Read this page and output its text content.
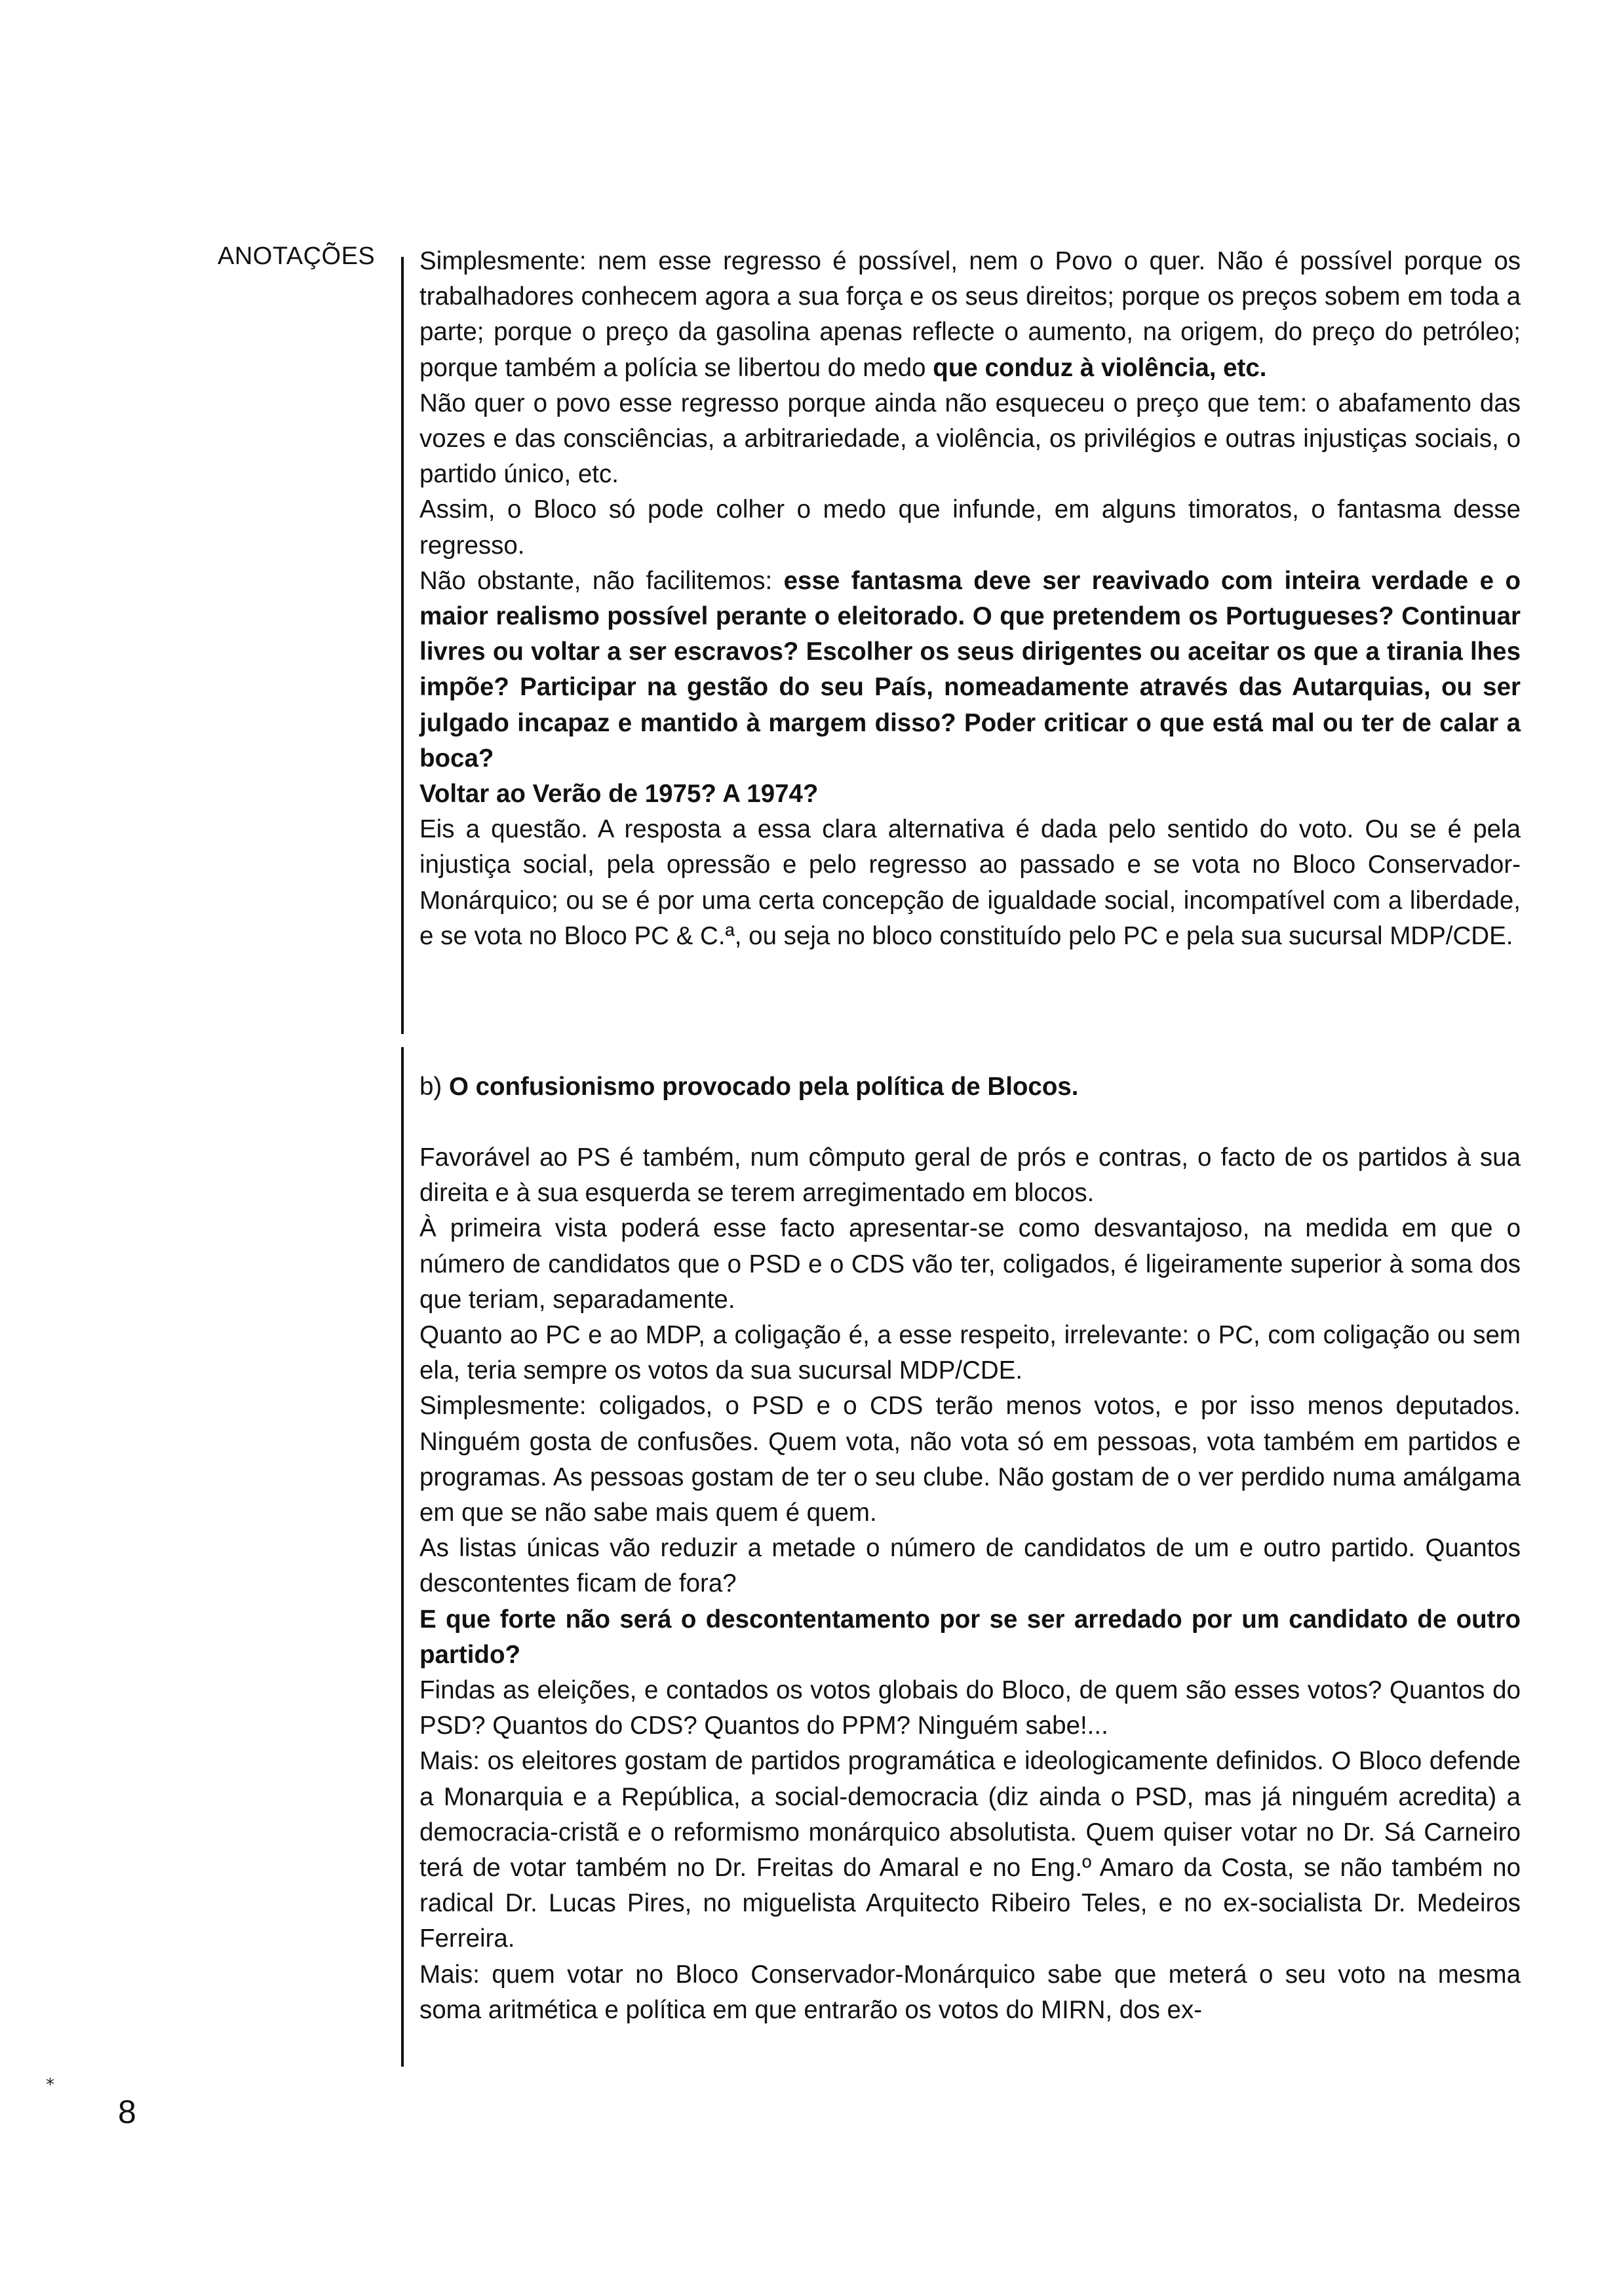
ANOTAÇÕES Simplesmente: nem esse regresso é possível, nem o Povo o quer. Não é possível porque os trabalhadores conhecem agora a sua força e os seus direitos; porque os preços sobem em toda a parte; porque o preço da gasolina apenas reflecte o aumento, na origem, do preço do petróleo; porque também a polícia se libertou do medo que conduz à violência, etc.

Não quer o povo esse regresso porque ainda não esqueceu o preço que tem: o abafamento das vozes e das consciências, a arbitrariedade, a violência, os privilégios e outras injustiças sociais, o partido único, etc.

Assim, o Bloco só pode colher o medo que infunde, em alguns timoratos, o fantasma desse regresso.

Não obstante, não facilitemos: esse fantasma deve ser reavivado com inteira verdade e o maior realismo possível perante o eleitorado. O que pretendem os Portugueses? Continuar livres ou voltar a ser escravos? Escolher os seus dirigentes ou aceitar os que a tirania lhes impõe? Participar na gestão do seu País, nomeadamente através das Autarquias, ou ser julgado incapaz e mantido à margem disso? Poder criticar o que está mal ou ter de calar a boca?

Voltar ao Verão de 1975? A 1974?

Eis a questão. A resposta a essa clara alternativa é dada pelo sentido do voto. Ou se é pela injustiça social, pela opressão e pelo regresso ao passado e se vota no Bloco Conservador-Monárquico; ou se é por uma certa concepção de igualdade social, incompatível com a liberdade, e se vota no Bloco PC & C.ª, ou seja no bloco constituído pelo PC e pela sua sucursal MDP/CDE.

b) O confusionismo provocado pela política de Blocos.

Favorável ao PS é também, num cômputo geral de prós e contras, o facto de os partidos à sua direita e à sua esquerda se terem arregimentado em blocos.

À primeira vista poderá esse facto apresentar-se como desvantajoso, na medida em que o número de candidatos que o PSD e o CDS vão ter, coligados, é ligeiramente superior à soma dos que teriam, separadamente.

Quanto ao PC e ao MDP, a coligação é, a esse respeito, irrelevante: o PC, com coligação ou sem ela, teria sempre os votos da sua sucursal MDP/CDE.

Simplesmente: coligados, o PSD e o CDS terão menos votos, e por isso menos deputados. Ninguém gosta de confusões. Quem vota, não vota só em pessoas, vota também em partidos e programas. As pessoas gostam de ter o seu clube. Não gostam de o ver perdido numa amálgama em que se não sabe mais quem é quem.

As listas únicas vão reduzir a metade o número de candidatos de um e outro partido. Quantos descontentes ficam de fora?

E que forte não será o descontentamento por se ser arredado por um candidato de outro partido?

Findas as eleições, e contados os votos globais do Bloco, de quem são esses votos? Quantos do PSD? Quantos do CDS? Quantos do PPM? Ninguém sabe!...

Mais: os eleitores gostam de partidos programática e ideologicamente definidos. O Bloco defende a Monarquia e a República, a social-democracia (diz ainda o PSD, mas já ninguém acredita) a democracia-cristã e o reformismo monárquico absolutista. Quem quiser votar no Dr. Sá Carneiro terá de votar também no Dr. Freitas do Amaral e no Eng.º Amaro da Costa, se não também no radical Dr. Lucas Pires, no miguelista Arquitecto Ribeiro Teles, e no ex-socialista Dr. Medeiros Ferreira.

Mais: quem votar no Bloco Conservador-Monárquico sabe que meterá o seu voto na mesma soma aritmética e política em que entrarão os votos do MIRN, dos ex-

8
⁎
